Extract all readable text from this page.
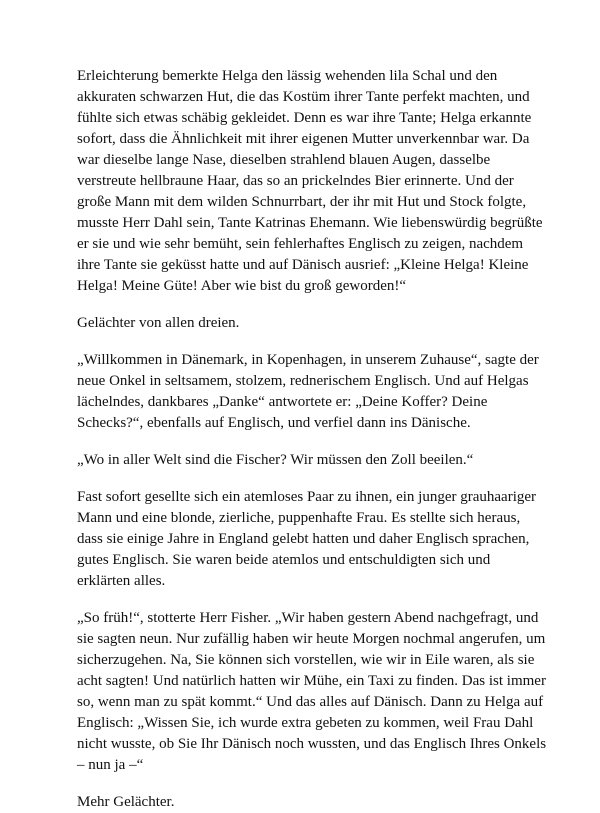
Erleichterung bemerkte Helga den lässig wehenden lila Schal und den akkuraten schwarzen Hut, die das Kostüm ihrer Tante perfekt machten, und fühlte sich etwas schäbig gekleidet. Denn es war ihre Tante; Helga erkannte sofort, dass die Ähnlichkeit mit ihrer eigenen Mutter unverkennbar war. Da war dieselbe lange Nase, dieselben strahlend blauen Augen, dasselbe verstreute hellbraune Haar, das so an prickelndes Bier erinnerte. Und der große Mann mit dem wilden Schnurrbart, der ihr mit Hut und Stock folgte, musste Herr Dahl sein, Tante Katrinas Ehemann. Wie liebenswürdig begrüßte er sie und wie sehr bemüht, sein fehlerhaftes Englisch zu zeigen, nachdem ihre Tante sie geküsst hatte und auf Dänisch ausrief: „Kleine Helga! Kleine Helga! Meine Güte! Aber wie bist du groß geworden!“

Gelächter von allen dreien.

„Willkommen in Dänemark, in Kopenhagen, in unserem Zuhause“, sagte der neue Onkel in seltsamem, stolzem, rednerischem Englisch. Und auf Helgas lächelndes, dankbares „Danke“ antwortete er: „Deine Koffer? Deine Schecks?“, ebenfalls auf Englisch, und verfiel dann ins Dänische.

„Wo in aller Welt sind die Fischer? Wir müssen den Zoll beeilen.“

Fast sofort gesellte sich ein atemloses Paar zu ihnen, ein junger grauhaariger Mann und eine blonde, zierliche, puppenhafte Frau. Es stellte sich heraus, dass sie einige Jahre in England gelebt hatten und daher Englisch sprachen, gutes Englisch. Sie waren beide atemlos und entschuldigten sich und erklärten alles.

„So früh!“, stotterte Herr Fisher. „Wir haben gestern Abend nachgefragt, und sie sagten neun. Nur zufällig haben wir heute Morgen nochmal angerufen, um sicherzugehen. Na, Sie können sich vorstellen, wie wir in Eile waren, als sie acht sagten! Und natürlich hatten wir Mühe, ein Taxi zu finden. Das ist immer so, wenn man zu spät kommt.“ Und das alles auf Dänisch. Dann zu Helga auf Englisch: „Wissen Sie, ich wurde extra gebeten zu kommen, weil Frau Dahl nicht wusste, ob Sie Ihr Dänisch noch wussten, und das Englisch Ihres Onkels – nun ja –“

Mehr Gelächter.
